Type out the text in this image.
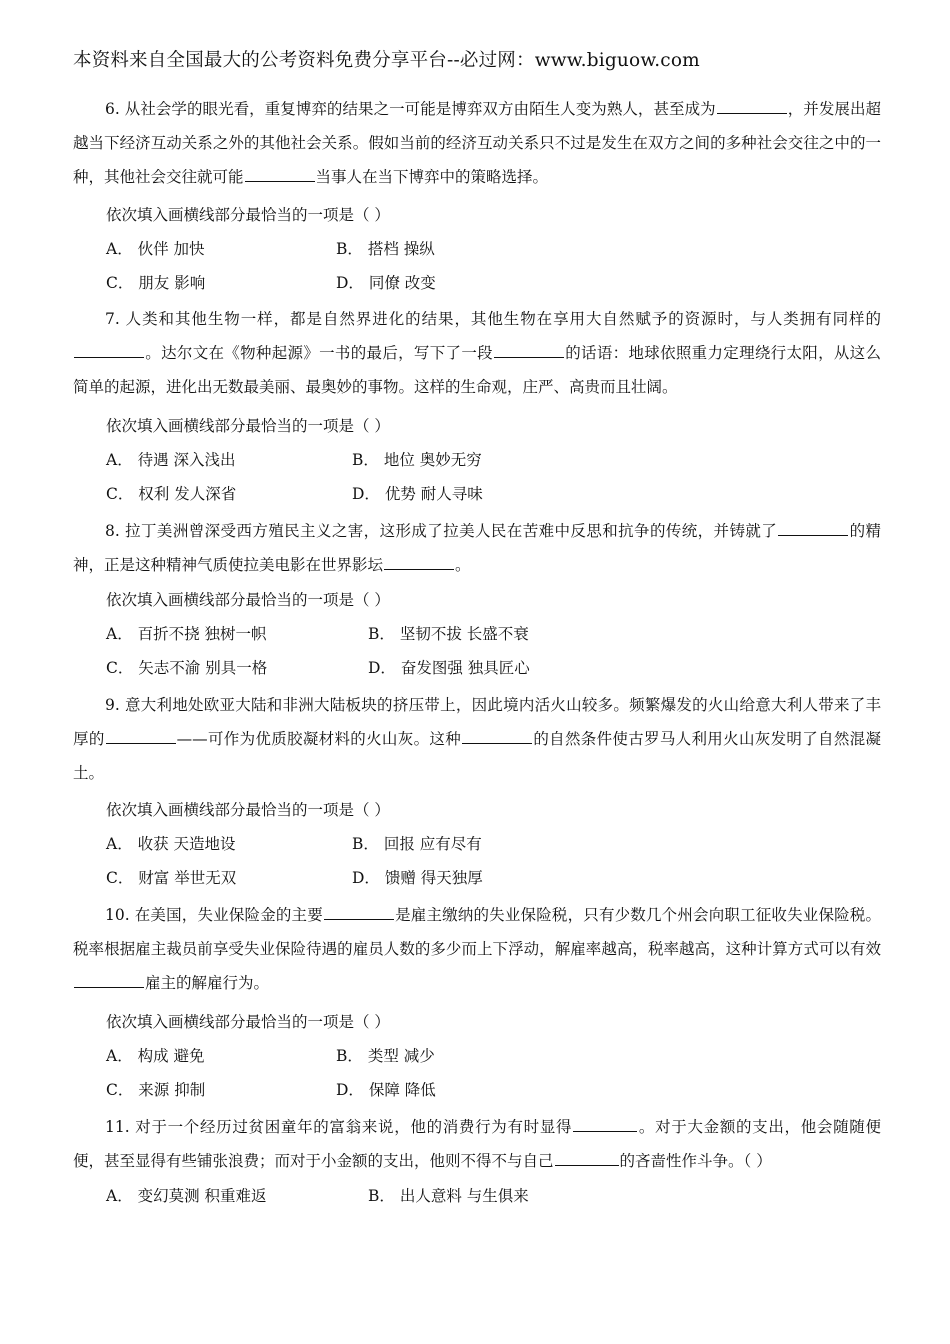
本资料来自全国最大的公考资料免费分享平台--必过网：www.biguow.com
6. 从社会学的眼光看，重复博弈的结果之一可能是博弈双方由陌生人变为熟人，甚至成为	，并发展出超越当下经济互动关系之外的其他社会关系。假如当前的经济互动关系只不过是发生在双方之间的多种社会交往之中的一种，其他社会交往就可能	当事人在当下博弈中的策略选择。
依次填入画横线部分最恰当的一项是（ ）
A． 伙伴 加快	B． 搭档 操纵
C． 朋友 影响	D． 同僚 改变
7. 人类和其他生物一样，都是自然界进化的结果，其他生物在享用大自然赋予的资源时，与人类拥有同样的。达尔文在《物种起源》一书的最后，写下了一段	的话语：地球依照重力定理绕行太阳，从这么简单的起源，进化出无数最美丽、最奥妙的事物。这样的生命观，庄严、高贵而且壮阔。
依次填入画横线部分最恰当的一项是（ ）
A． 待遇 深入浅出	B． 地位 奥妙无穷
C． 权利 发人深省	D． 优势 耐人寻味
8. 拉丁美洲曾深受西方殖民主义之害，这形成了拉美人民在苦难中反思和抗争的传统，并铸就了	的精神，正是这种精神气质使拉美电影在世界影坛	。
依次填入画横线部分最恰当的一项是（ ）
A． 百折不挠 独树一帜	B． 坚韧不拔 长盛不衰
C． 矢志不渝 别具一格	D． 奋发图强 独具匠心
9. 意大利地处欧亚大陆和非洲大陆板块的挤压带上，因此境内活火山较多。频繁爆发的火山给意大利人带来了丰厚的	——可作为优质胶凝材料的火山灰。这种	的自然条件使古罗马人利用火山灰发明了自然混凝土。
依次填入画横线部分最恰当的一项是（ ）
A． 收获 天造地设	B． 回报 应有尽有
C． 财富 举世无双	D． 馈赠 得天独厚
10. 在美国，失业保险金的主要	是雇主缴纳的失业保险税，只有少数几个州会向职工征收失业保险税。税率根据雇主裁员前享受失业保险待遇的雇员人数的多少而上下浮动，解雇率越高，税率越高，这种计算方式可以有效雇主的解雇行为。
依次填入画横线部分最恰当的一项是（ ）
A． 构成 避免	B． 类型 减少
C． 来源 抑制	D． 保障 降低
11. 对于一个经历过贫困童年的富翁来说，他的消费行为有时显得	。对于大金额的支出，他会随随便便，甚至显得有些铺张浪费；而对于小金额的支出，他则不得不与自己	的吝啬性作斗争。（ ）
A． 变幻莫测 积重难返	B． 出人意料 与生俱来
